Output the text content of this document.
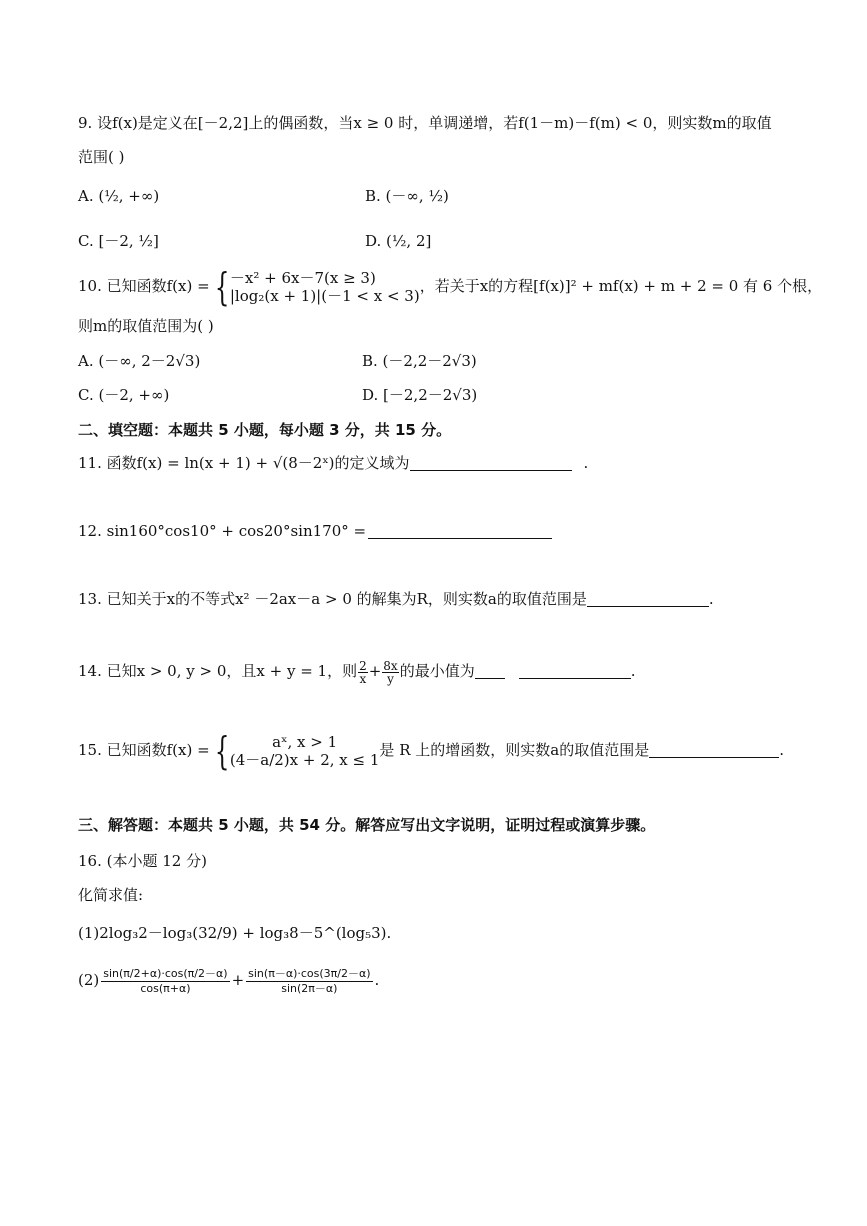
9. 设f(x)是定义在[－2,2]上的偶函数，当x ≥ 0 时，单调递增，若f(1－m)－f(m) < 0，则实数m的取值
范围( )
A. (½, +∞)	B. (－∞, ½)
C. [－2, ½]	D. (½, 2]
10. 已知函数f(x) = { －x² + 6x－7(x ≥ 3)
|log₂(x + 1)|(－1 < x < 3)
，若关于x的方程[f(x)]² + mf(x) + m + 2 = 0 有 6 个根，
则m的取值范围为( )
A. (－∞, 2－2√3)	B. (－2,2－2√3)
C. (－2, +∞)	D. [－2,2－2√3)
二、填空题：本题共 5 小题，每小题 3 分，共 15 分。
11. 函数f(x) = ln(x + 1) + √(8－2ˣ)的定义域为	.
12. sin160°cos10° + cos20°sin170° =
13. 已知关于x的不等式x² －2ax－a > 0 的解集为R，则实数a的取值范围是	.
14. 已知x > 0, y > 0，且x + y = 1，则 $\frac{2}{x} + \frac{8x}{y}$ 的最小值为	.
15. 已知函数f(x) = {	aˣ, x > 1
(4－a/2)x + 2, x ≤ 1
是 R 上的增函数，则实数a的取值范围是	.
三、解答题：本题共 5 小题，共 54 分。解答应写出文字说明，证明过程或演算步骤。
16. (本小题 12 分)
化简求值:
(1)2log₃2－log₃(32/9) + log₃8－5^(log₅3).
$(2) \frac{\sin(\pi/2+\alpha)\cdot\cos(\pi/2-\alpha)}{\cos(\pi+\alpha)} + \frac{\sin(\pi-\alpha)\cdot\cos(3\pi/2-\alpha)}{\sin(2\pi-\alpha)}$ .
